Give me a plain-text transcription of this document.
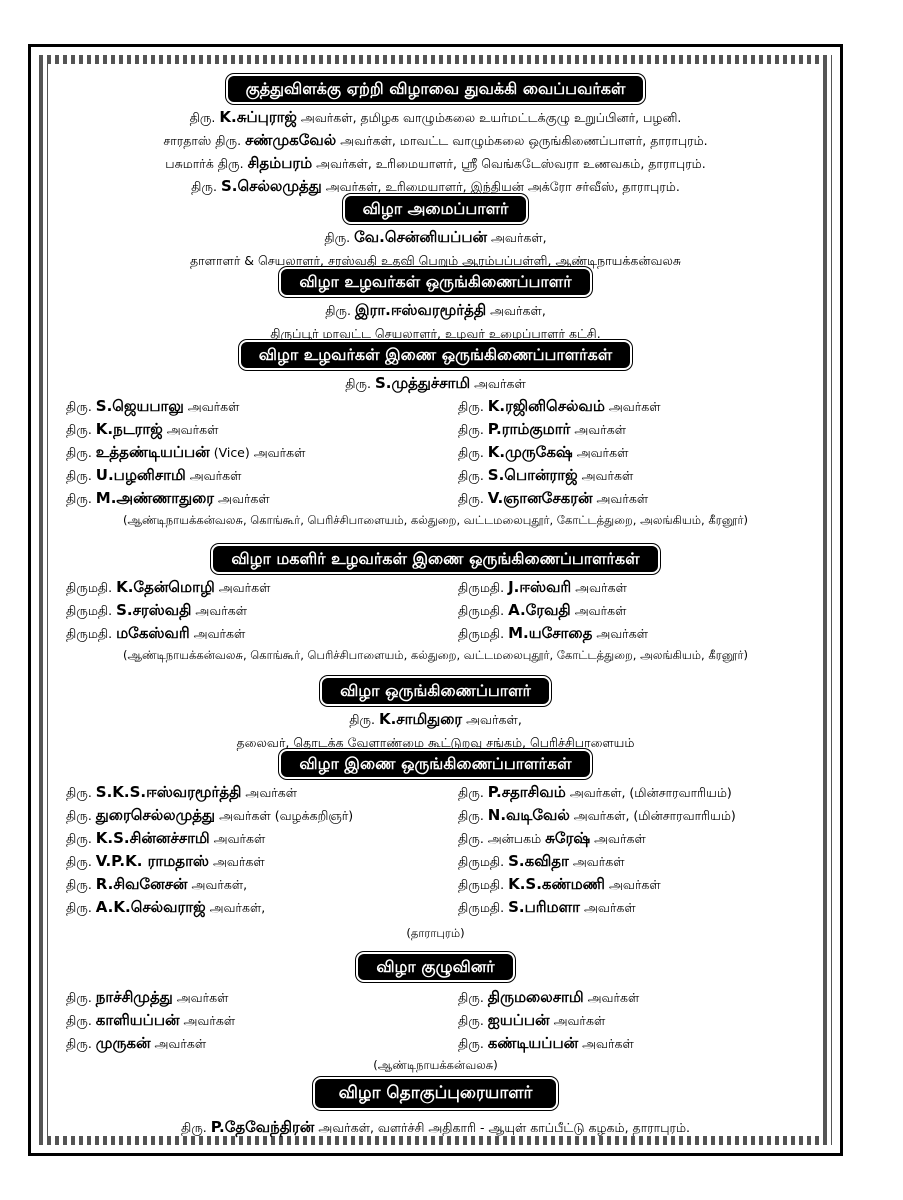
குத்துவிளக்கு ஏற்றி விழாவை துவக்கி வைப்பவர்கள்
திரு. K.சுப்புராஜ் அவர்கள், தமிழக வாழும்கலை உயர்மட்டக்குழு உறுப்பினர், பழனி.
சாரதாஸ் திரு. சண்முகவேல் அவர்கள், மாவட்ட வாழும்கலை ஒருங்கிணைப்பாளர், தாராபுரம்.
பசுமார்க் திரு. சிதம்பரம் அவர்கள், உரிமையாளர், ஸ்ரீ வெங்கடேஸ்வரா உணவகம், தாராபுரம்.
திரு. S.செல்லமுத்து அவர்கள், உரிமையாளர், இந்தியன் அக்ரோ சர்வீஸ், தாராபுரம்.
விழா அமைப்பாளர்
திரு. வே.சென்னியப்பன் அவர்கள்,
தாளாளர் & செயலாளர், சரஸ்வதி உதவி பெறும் ஆரம்பப்பள்ளி, ஆண்டிநாயக்கன்வலசு
விழா உழவர்கள் ஒருங்கிணைப்பாளர்
திரு. இரா.ஈஸ்வரமூர்த்தி அவர்கள்,
திருப்பூர் மாவட்ட செயலாளர், உழவர் உழைப்பாளர் கட்சி.
விழா உழவர்கள் இணை ஒருங்கிணைப்பாளர்கள்
திரு. S.முத்துச்சாமி அவர்கள்
திரு. S.ஜெயபாலு அவர்கள்	திரு. K.ரஜினிசெல்வம் அவர்கள்
திரு. K.நடராஜ் அவர்கள்	திரு. P.ராம்குமார் அவர்கள்
திரு. உத்தண்டியப்பன் (Vice) அவர்கள்	திரு. K.முருகேஷ் அவர்கள்
திரு. U.பழனிசாமி அவர்கள்	திரு. S.பொன்ராஜ் அவர்கள்
திரு. M.அண்ணாதுரை அவர்கள்	திரு. V.ஞானசேகரன் அவர்கள்
(ஆண்டிநாயக்கன்வலசு, கொங்கூர், பெரிச்சிபாளையம், கல்துறை, வட்டமலைபுதூர், கோட்டத்துறை, அலங்கியம், கீரனூர்)
விழா மகளிர் உழவர்கள் இணை ஒருங்கிணைப்பாளர்கள்
திருமதி. K.தேன்மொழி அவர்கள்	திருமதி. J.ஈஸ்வரி அவர்கள்
திருமதி. S.சரஸ்வதி அவர்கள்	திருமதி. A.ரேவதி அவர்கள்
திருமதி. மகேஸ்வரி அவர்கள்	திருமதி. M.யசோதை அவர்கள்
(ஆண்டிநாயக்கன்வலசு, கொங்கூர், பெரிச்சிபாளையம், கல்துறை, வட்டமலைபுதூர், கோட்டத்துறை, அலங்கியம், கீரனூர்)
விழா ஒருங்கிணைப்பாளர்
திரு. K.சாமிதுரை அவர்கள்,
தலைவர், தொடக்க வேளாண்மை கூட்டுறவு சங்கம், பெரிச்சிபாளையம்
விழா இணை ஒருங்கிணைப்பாளர்கள்
திரு. S.K.S.ஈஸ்வரமூர்த்தி அவர்கள்	திரு. P.சதாசிவம் அவர்கள், (மின்சாரவாரியம்)
திரு. துரைசெல்லமுத்து அவர்கள் (வழக்கறிஞர்)	திரு. N.வடிவேல் அவர்கள், (மின்சாரவாரியம்)
திரு. K.S.சின்னச்சாமி அவர்கள்	திரு. அன்பகம் சுரேஷ் அவர்கள்
திரு. V.P.K. ராமதாஸ் அவர்கள்	திருமதி. S.கவிதா அவர்கள்
திரு. R.சிவனேசன் அவர்கள்,	திருமதி. K.S.கண்மணி அவர்கள்
திரு. A.K.செல்வராஜ் அவர்கள்,	திருமதி. S.பரிமளா அவர்கள்
(தாராபுரம்)
விழா குழுவினர்
திரு. நாச்சிமுத்து அவர்கள்	திரு. திருமலைசாமி அவர்கள்
திரு. காளியப்பன் அவர்கள்	திரு. ஐயப்பன் அவர்கள்
திரு. முருகன் அவர்கள்	திரு. கண்டியப்பன் அவர்கள்
(ஆண்டிநாயக்கன்வலசு)
விழா தொகுப்புரையாளர்
திரு. P.தேவேந்திரன் அவர்கள், வளர்ச்சி அதிகாரி - ஆயுள் காப்பீட்டு கழகம், தாராபுரம்.
